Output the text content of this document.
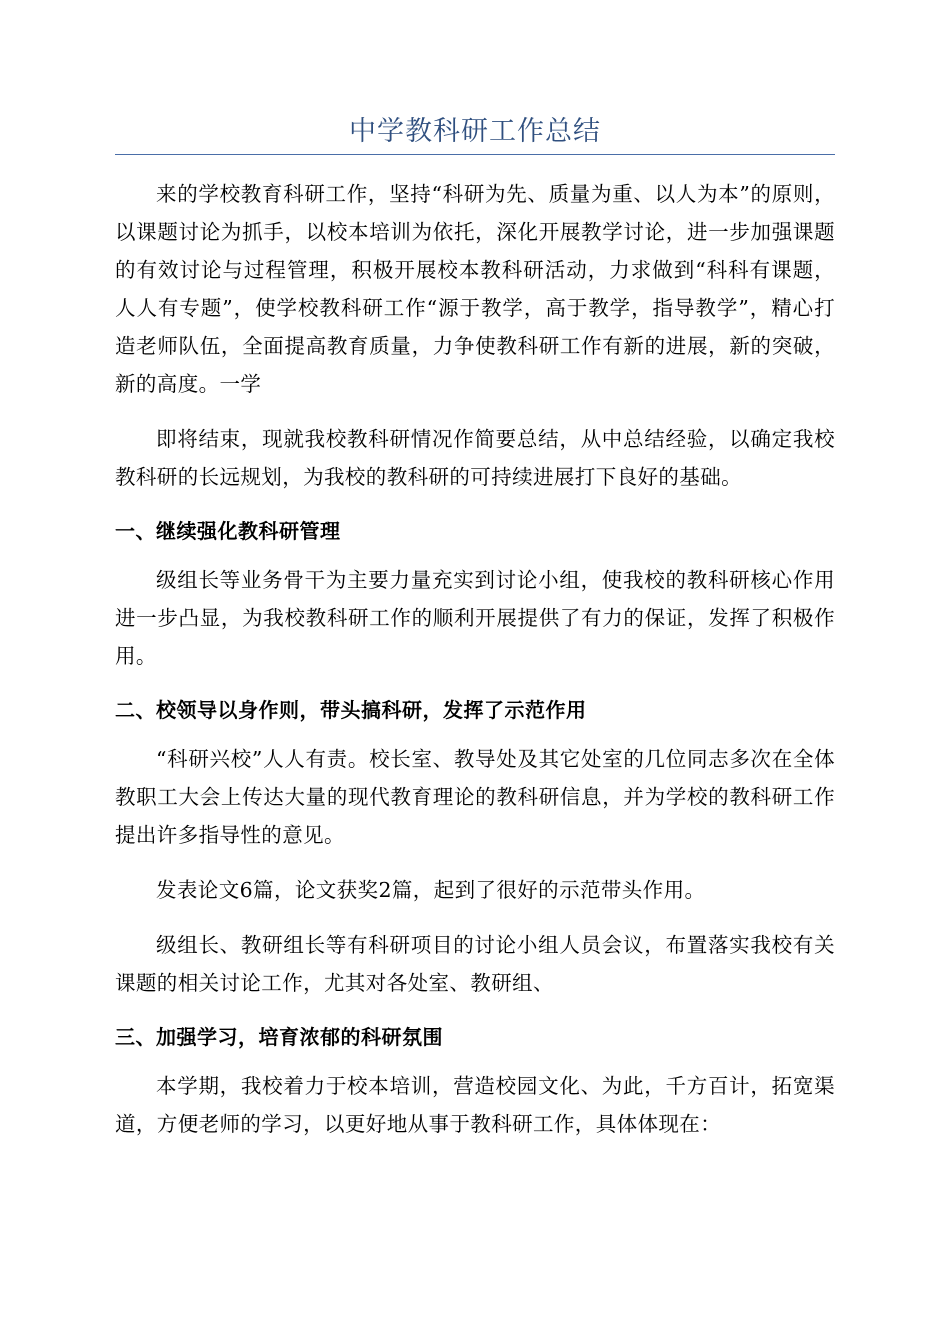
中学教科研工作总结

来的学校教育科研工作，坚持“科研为先、质量为重、以人为本”的原则，以课题讨论为抓手，以校本培训为依托，深化开展教学讨论，进一步加强课题的有效讨论与过程管理，积极开展校本教科研活动，力求做到“科科有课题，人人有专题”，使学校教科研工作“源于教学，高于教学，指导教学”，精心打造老师队伍，全面提高教育质量，力争使教科研工作有新的进展，新的突破，新的高度。一学

即将结束，现就我校教科研情况作简要总结，从中总结经验，以确定我校教科研的长远规划，为我校的教科研的可持续进展打下良好的基础。

一、继续强化教科研管理

级组长等业务骨干为主要力量充实到讨论小组，使我校的教科研核心作用进一步凸显，为我校教科研工作的顺利开展提供了有力的保证，发挥了积极作用。

二、校领导以身作则，带头搞科研，发挥了示范作用

“科研兴校”人人有责。校长室、教导处及其它处室的几位同志多次在全体教职工大会上传达大量的现代教育理论的教科研信息，并为学校的教科研工作提出许多指导性的意见。

发表论文6篇，论文获奖2篇，起到了很好的示范带头作用。

级组长、教研组长等有科研项目的讨论小组人员会议，布置落实我校有关课题的相关讨论工作，尤其对各处室、教研组、

三、加强学习，培育浓郁的科研氛围

本学期，我校着力于校本培训，营造校园文化、为此，千方百计，拓宽渠道，方便老师的学习，以更好地从事于教科研工作，具体体现在：
